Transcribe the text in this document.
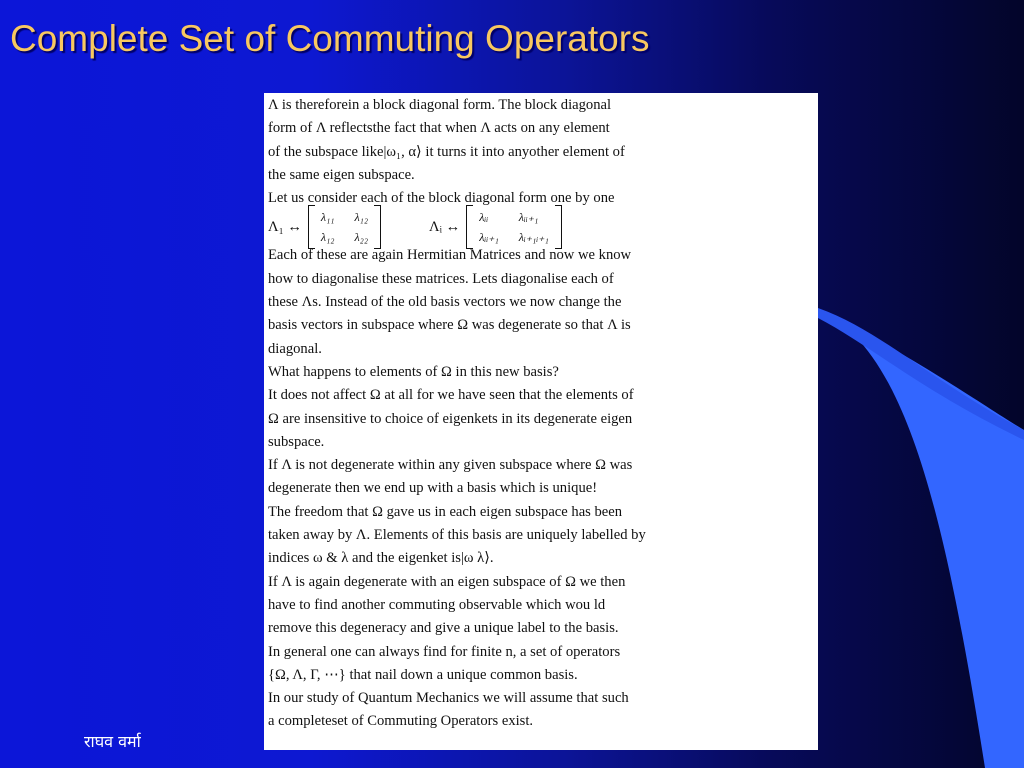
Complete Set of Commuting Operators
Λ is thereforein a block diagonal form. The block diagonal
form of Λ reflectsthe fact that when Λ acts on any element
of the subspace like|ω₁, α⟩ it turns it into anyother element of
the same eigen subspace.
Let us consider each of the block diagonal form one by one
Λ₁ ↔
λ₁₁ λ₁₂
λ₁₂ λ₂₂
Λᵢ ↔
λᵢᵢ	λᵢᵢ₊₁
λᵢᵢ₊₁ λᵢ₊₁ᵢ₊₁
Each of these are again Hermitian Matrices and now we know
how to diagonalise these matrices. Lets diagonalise each of
these Λs. Instead of the old basis vectors we now change the
basis vectors in subspace where Ω was degenerate so that Λ is
diagonal.
What happens to elements of Ω in this new basis?
It does not affect Ω at all for we have seen that the elements of
Ω are insensitive to choice of eigenkets in its degenerate eigen
subspace.
If Λ is not degenerate within any given subspace where Ω was
degenerate then we end up with a basis which is unique!
The freedom that Ω gave us in each eigen subspace has been
taken away by Λ. Elements of this basis are uniquely labelled by
indices ω & λ and the eigenket is|ω λ⟩.
If Λ is again degenerate with an eigen subspace of Ω we then
have to find another commuting observable which wou ld
remove this degeneracy and give a unique label to the basis.
In general one can always find for finite n, a set of operators
{Ω, Λ, Γ, ⋯} that nail down a unique common basis.
In our study of Quantum Mechanics we will assume that such
a completeset of Commuting Operators exist.
राघव वर्मा
